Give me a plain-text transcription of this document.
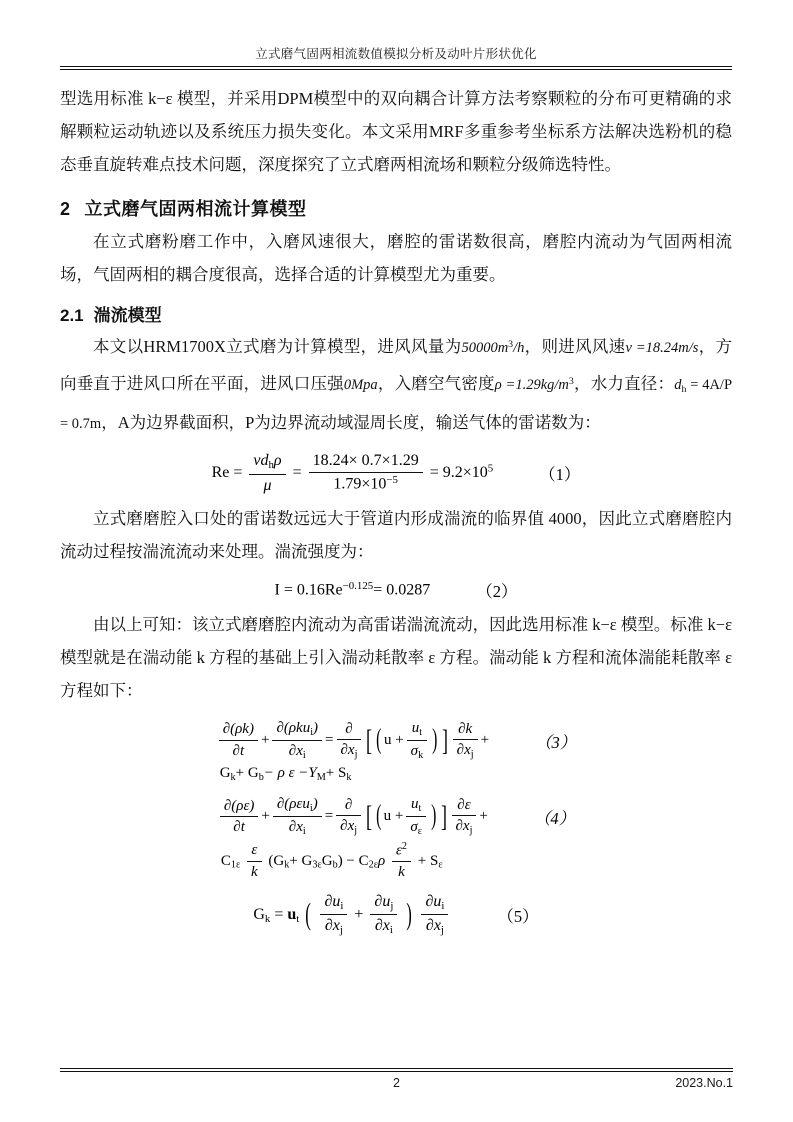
立式磨气固两相流数值模拟分析及动叶片形状优化
型选用标准 k−ε 模型，并采用DPM模型中的双向耦合计算方法考察颗粒的分布可更精确的求解颗粒运动轨迹以及系统压力损失变化。本文采用MRF多重参考坐标系方法解决选粉机的稳态垂直旋转难点技术问题，深度探究了立式磨两相流场和颗粒分级筛选特性。
2 立式磨气固两相流计算模型
在立式磨粉磨工作中，入磨风速很大，磨腔的雷诺数很高，磨腔内流动为气固两相流场，气固两相的耦合度很高，选择合适的计算模型尤为重要。
2.1 湍流模型
本文以HRM1700X立式磨为计算模型，进风风量为$50000m^3/h$，则进风风速v =18.24m/s，方向垂直于进风口所在平面，进风口压强0Mpa，入磨空气密度$\rho =1.29kg/m^3$，水力直径：$d_h = 4A/P = 0.7m$，A为边界截面积，P为边界流动域湿周长度，输送气体的雷诺数为：
$Re = \frac{vd_h\rho}{\mu} = \frac{18.24\times 0.7\times 1.29}{1.79\times 10^{-5}} = 9.2\times 10^5$	（1）
立式磨磨腔入口处的雷诺数远远大于管道内形成湍流的临界值 4000，因此立式磨磨腔内流动过程按湍流流动来处理。湍流强度为：
$I = 0.16Re^{-0.125}= 0.0287$	（2）
由以上可知：该立式磨磨腔内流动为高雷诺湍流流动，因此选用标准 k−ε 模型。标准 k−ε 模型就是在湍动能 k 方程的基础上引入湍动耗散率 ε 方程。湍动能 k 方程和流体湍能耗散率 ε 方程如下：
$\frac{\partial(\rho k)}{\partial t} + \frac{\partial(\rho ku_i)}{\partial x_i} = \frac{\partial}{\partial x_j}$ [ ( $u + \frac{u_t}{\sigma_k}$ ) ] $\frac{\partial k}{\partial x_j}$ +	（3）
$G_k+ G_b- \rho$ $\varepsilon -Y_M+ S_k$
$\frac{\partial(\rho\varepsilon)}{\partial t} + \frac{\partial(\rho\varepsilon u_i)}{\partial x_i} = \frac{\partial}{\partial x_j}$ [ ( $u + \frac{u_t}{\sigma_\varepsilon}$ ) ] $\frac{\partial\varepsilon}{\partial x_j}$ +	（4）
$C_{1\varepsilon} \frac{\varepsilon}{k} (G_k+ G_{3\varepsilon}G_b) - C_{2\varepsilon}\rho \frac{\varepsilon^2}{k} + S_\varepsilon$
$G_k = u_t$ ( $\frac{\partial u_i}{\partial x_j} + \frac{\partial u_j}{\partial x_i}$ ) $\frac{\partial u_i}{\partial x_j}$	（5）

2	2023.No.1
